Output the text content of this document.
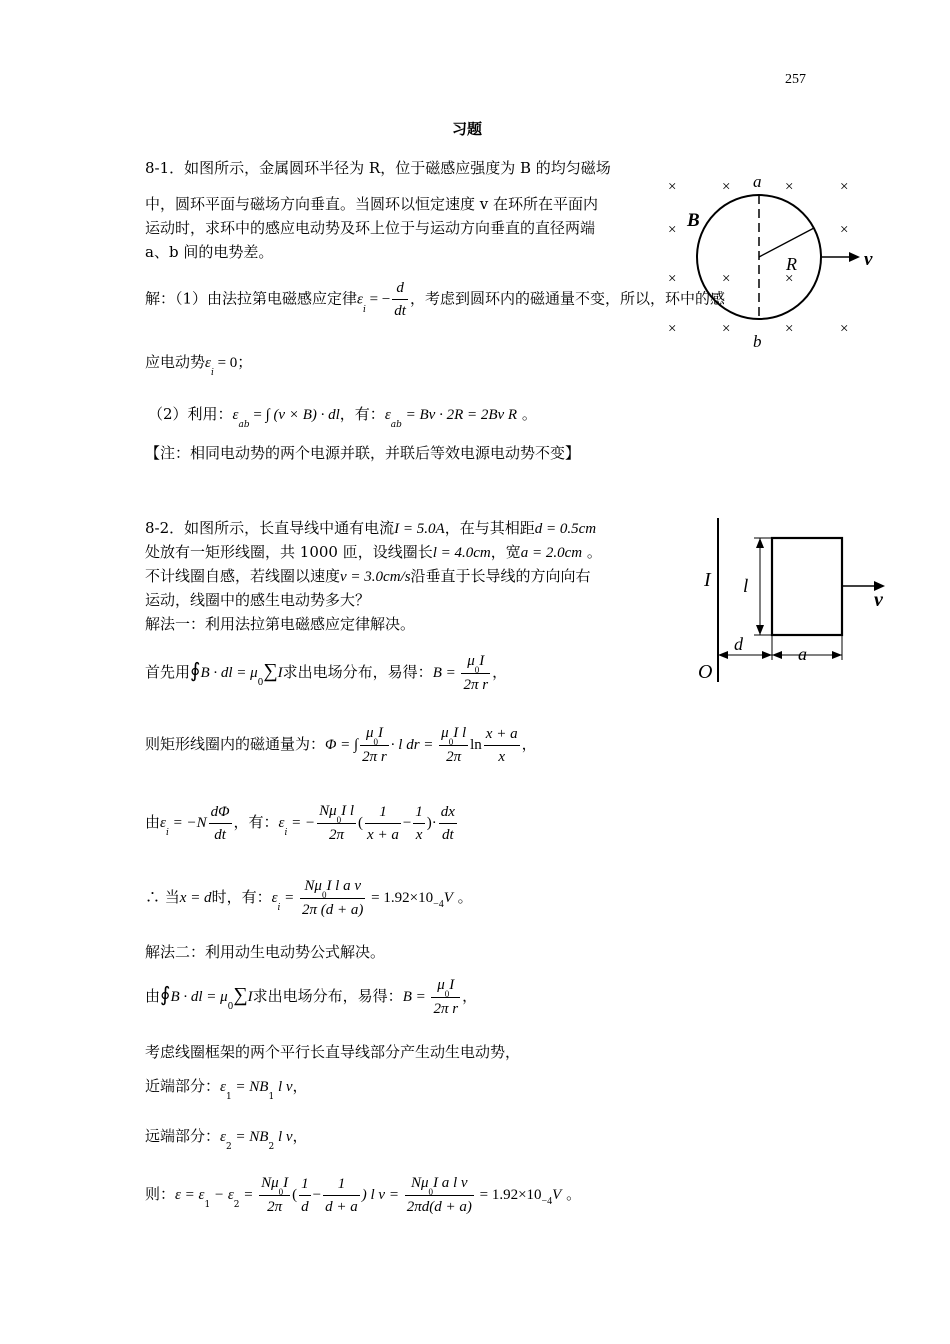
257
习题
8-1．如图所示，金属圆环半径为 R，位于磁感应强度为 B 的均匀磁场
中，圆环平面与磁场方向垂直。当圆环以恒定速度 v 在环所在平面内
运动时，求环中的感应电动势及环上位于与运动方向垂直的直径两端
a、b 间的电势差。
解：（1）由法拉第电磁感应定律$\varepsilon_i$ = − $\frac{d}{dt}$ ，考虑到圆环内的磁通量不变，所以，环中的感
应电动势$\varepsilon_i = 0$；
（2）利用：$\varepsilon_{ab}$ = ∫ (v × B) · dl，有：$\varepsilon_{ab} = Bv \cdot 2R = 2Bv$ R 。
【注：相同电动势的两个电源并联，并联后等效电源电动势不变】
×	×	×	×
×	×
×	×	×
×	×	×	×
a
b
B
R	v
8-2．如图所示，长直导线中通有电流I = 5.0A，在与其相距d = 0.5cm
处放有一矩形线圈，共 1000 匝，设线圈长l = 4.0cm，宽a = 2.0cm 。
不计线圈自感，若线圈以速度v = 3.0cm/s沿垂直于长导线的方向向右
运动，线圈中的感生电动势多大？
解法一：利用法拉第电磁感应定律解决。
首先用∮B · dl = $\mu_0\sum I$求出电场分布，易得：$B = \frac{\mu_0I}{\text{2π r}}$ ，
则矩形线圈内的磁通量为：Φ = ∫ $\frac{\mu_0I}{\text{2π r}} \cdot l$ dr = $\frac{\mu_0I l}{2\pi}$ $\ln \frac{x + a}{x}$ ，
由$\varepsilon_i = -N \frac{d\Phi}{dt}$ ，有：$\varepsilon_i$ = − $\frac{N\mu_0I l}{2\pi}$ ( $\frac{1}{x + a} - \frac{1}{x}$ )· $\frac{dx}{dt}$
∴ 当x = d时，有：$\varepsilon_i = \frac{N\mu_0I l a v}{2\pi (d + a)} = 1.92\times 10_{-4}V$ 。
解法二：利用动生电动势公式解决。
由∮B · dl = $\mu_0\sum I$求出电场分布，易得：$B = \frac{\mu_0I}{\text{2π r}}$ ，
考虑线圈框架的两个平行长直导线部分产生动生电动势，
近端部分：$\varepsilon_1 = NB_1$ l v，
远端部分：$\varepsilon_2 = NB_2$ l v，
则：$\varepsilon = \varepsilon_1 - \varepsilon_2 = \frac{N\mu_0I}{2\pi}$ ( $\frac{1}{d} - \frac{1}{d + a}$ ) l $v = \frac{N\mu_0I a l v}{2\pi d(d + a)} = 1.92\times 10_{-4}V$ 。
I l
d	a
v
O
